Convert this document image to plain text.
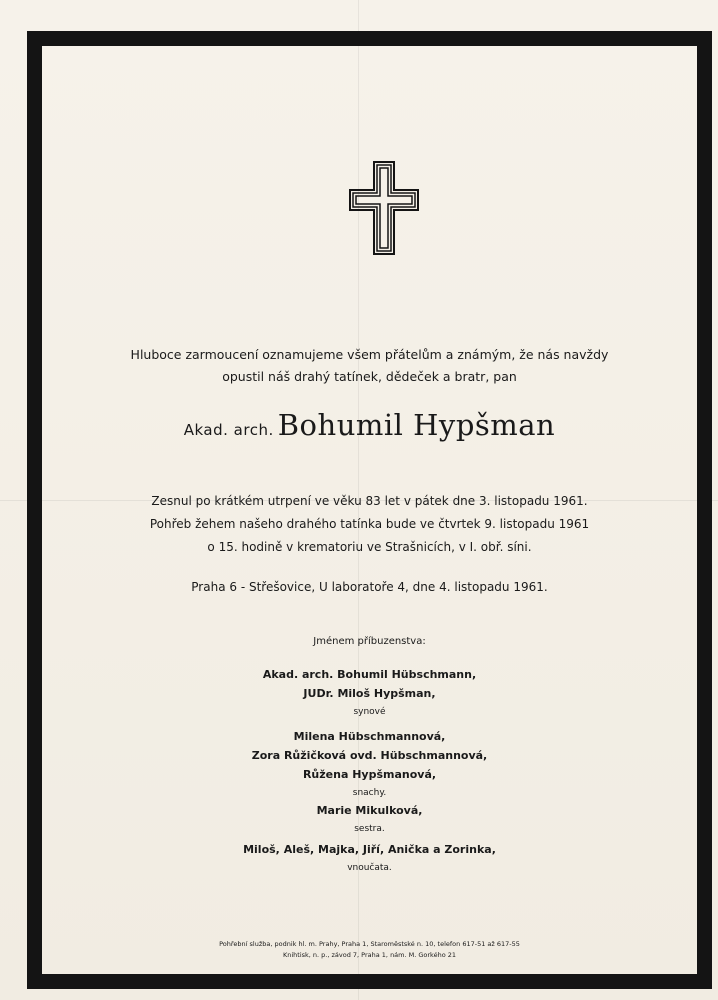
Hluboce zarmoucení oznamujeme všem přátelům a známým, že nás navždy
opustil náš drahý tatínek, dědeček a bratr, pan
Akad. arch. Bohumil Hypšman
Zesnul po krátkém utrpení ve věku 83 let v pátek dne 3. listopadu 1961.
Pohřeb žehem našeho drahého tatínka bude ve čtvrtek 9. listopadu 1961
o 15. hodině v krematoriu ve Strašnicích, v I. obř. síni.
Praha 6 - Střešovice, U laboratoře 4, dne 4. listopadu 1961.
Jménem příbuzenstva:
Akad. arch. Bohumil Hübschmann,
JUDr. Miloš Hypšman,
synové
Milena Hübschmannová,
Zora Růžičková ovd. Hübschmannová,
Růžena Hypšmanová,
snachy.
Marie Mikulková,
sestra.
Miloš, Aleš, Majka, Jiří, Anička a Zorinka,
vnoučata.
Pohřební služba, podnik hl. m. Prahy, Praha 1, Staroměstské n. 10, telefon 617-51 až 617-55
Knihtisk, n. p., závod 7, Praha 1, nám. M. Gorkého 21
